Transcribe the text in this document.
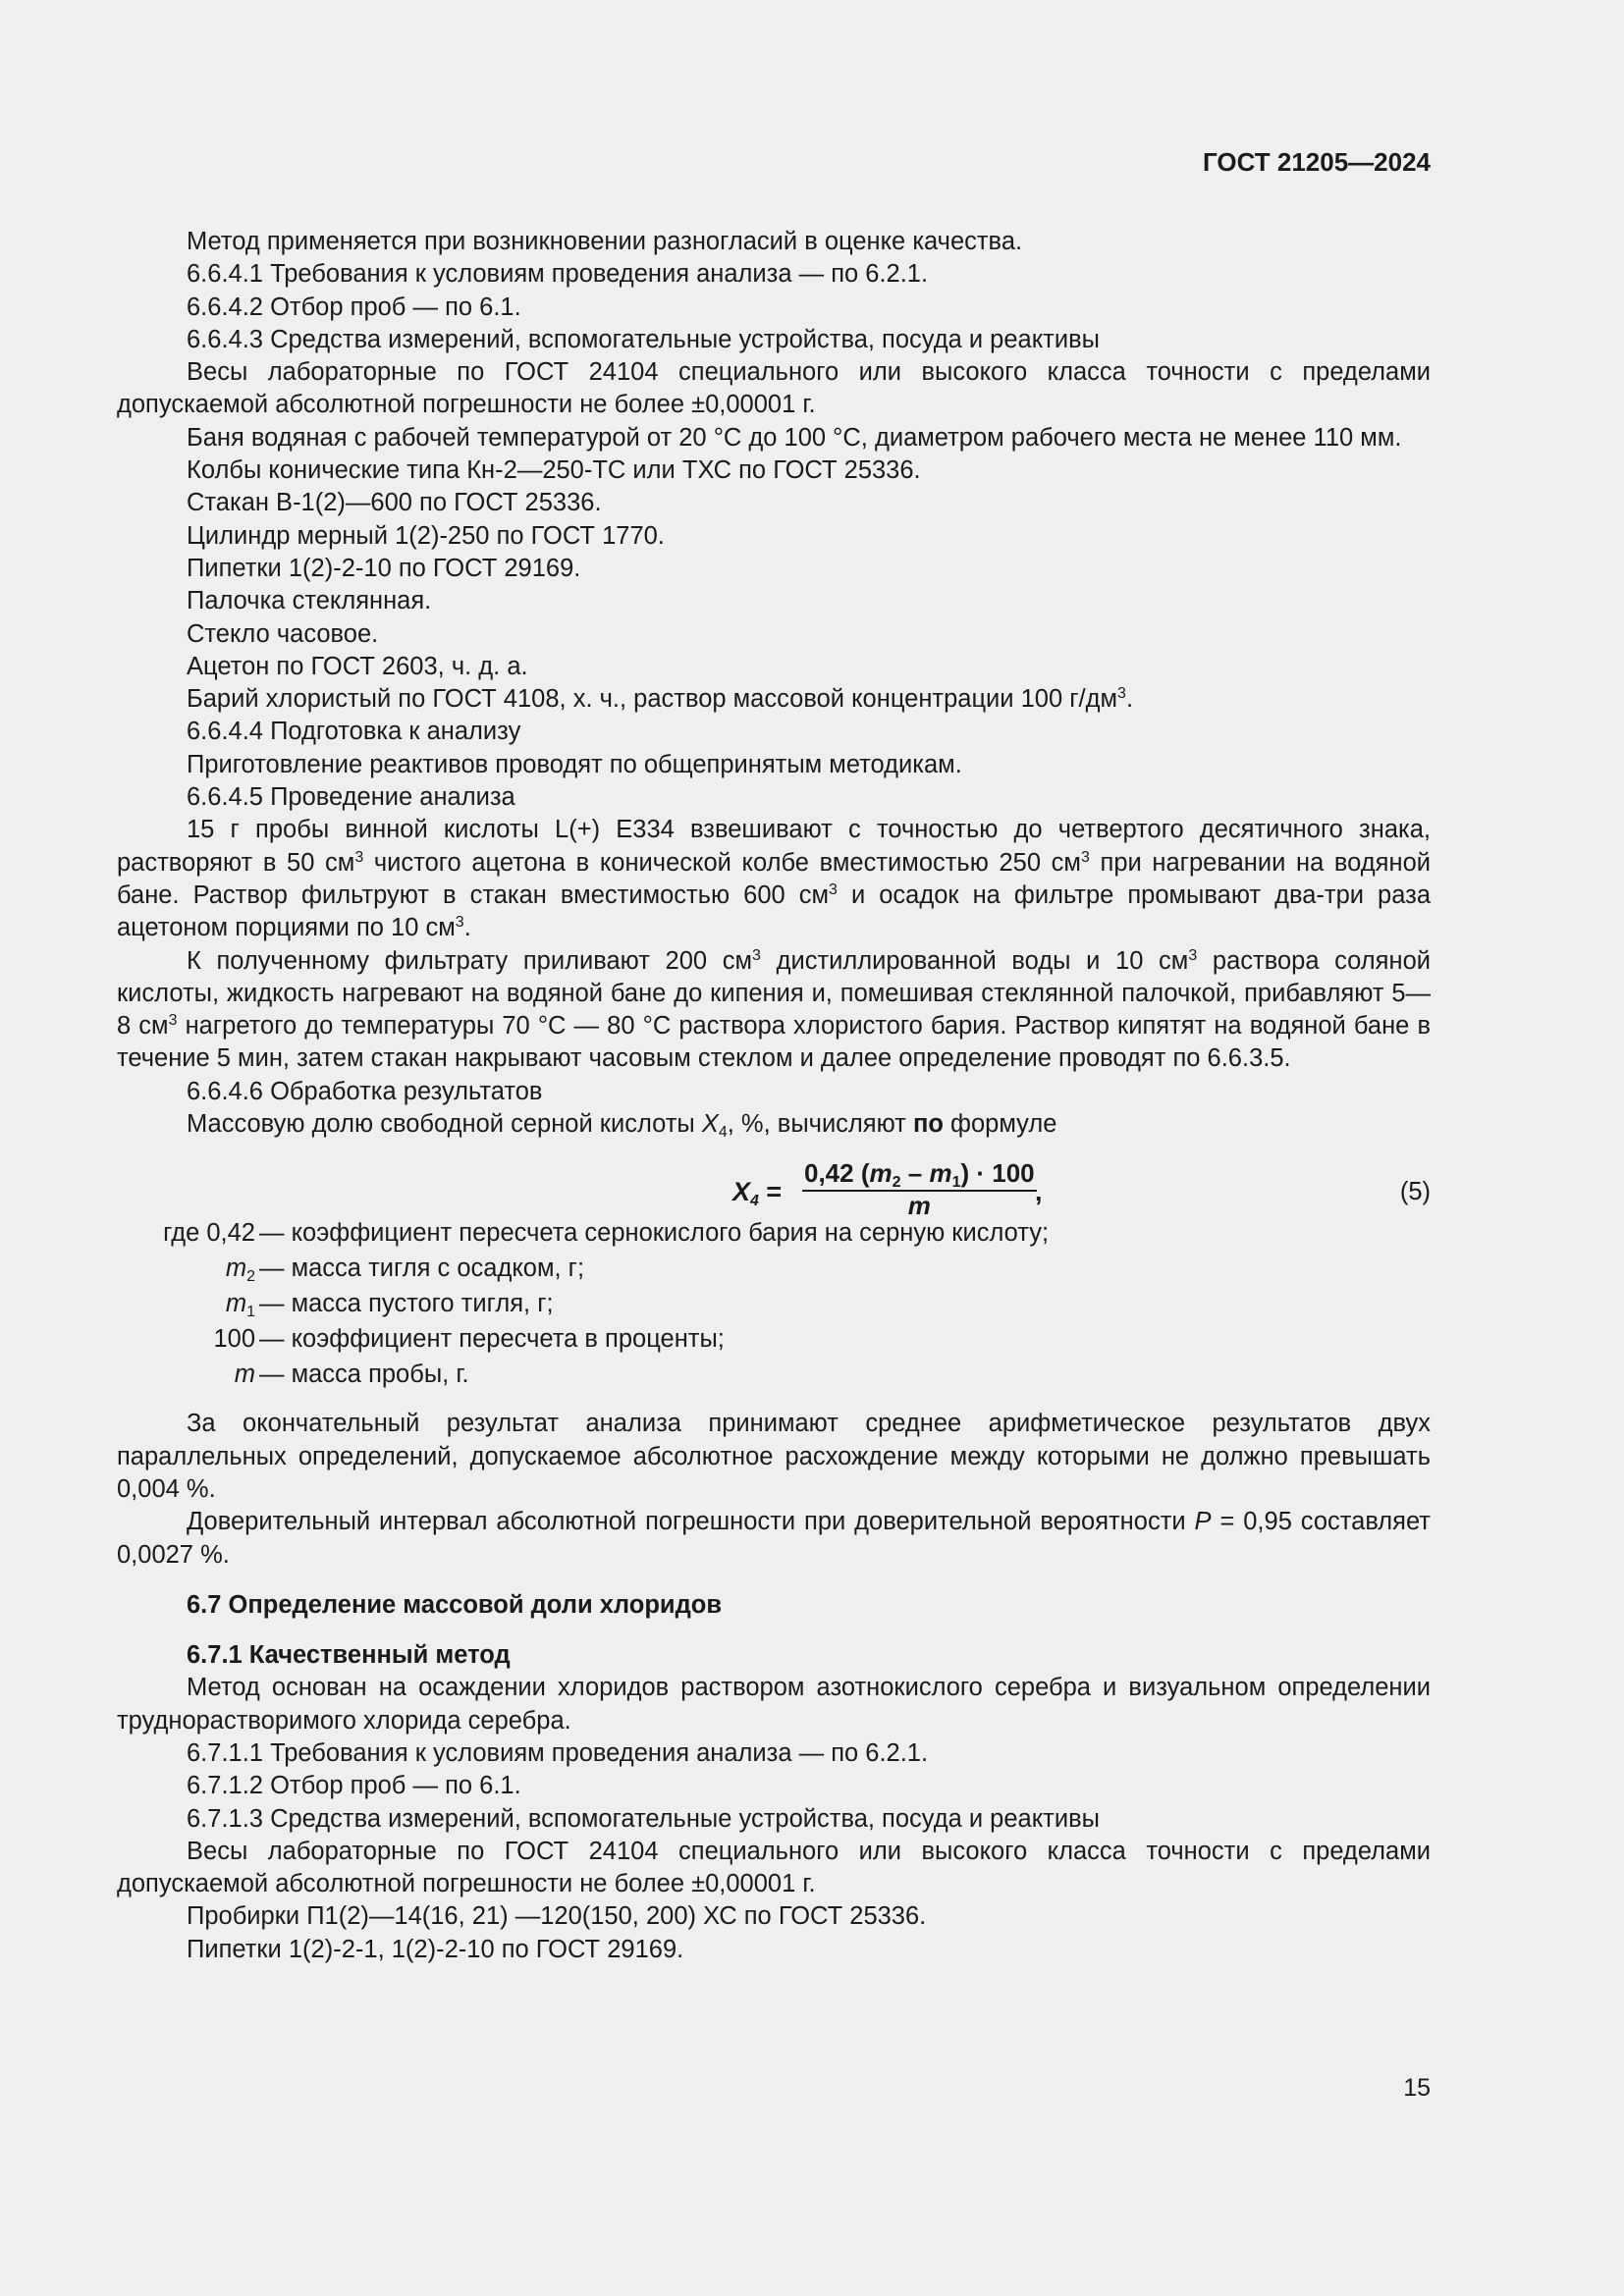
ГОСТ 21205—2024

Метод применяется при возникновении разногласий в оценке качества.

6.6.4.1 Требования к условиям проведения анализа — по 6.2.1.

6.6.4.2 Отбор проб — по 6.1.

6.6.4.3 Средства измерений, вспомогательные устройства, посуда и реактивы

Весы лабораторные по ГОСТ 24104 специального или высокого класса точности с пределами допускаемой абсолютной погрешности не более ±0,00001 г.

Баня водяная с рабочей температурой от 20 °С до 100 °С, диаметром рабочего места не менее 110 мм.

Колбы конические типа Кн-2—250-ТС или ТХС по ГОСТ 25336.

Стакан В-1(2)—600 по ГОСТ 25336.

Цилиндр мерный 1(2)-250 по ГОСТ 1770.

Пипетки 1(2)-2-10 по ГОСТ 29169.

Палочка стеклянная.

Стекло часовое.

Ацетон по ГОСТ 2603, ч. д. а.

Барий хлористый по ГОСТ 4108, х. ч., раствор массовой концентрации 100 $г/дм^3$.

6.6.4.4 Подготовка к анализу

Приготовление реактивов проводят по общепринятым методикам.

6.6.4.5 Проведение анализа

15 г пробы винной кислоты L(+) Е334 взвешивают с точностью до четвертого десятичного знака, растворяют в 50 $см^3$ чистого ацетона в конической колбе вместимостью 250 $см^3$ при нагревании на водяной бане. Раствор фильтруют в стакан вместимостью 600 $см^3$ и осадок на фильтре промывают два-три раза ацетоном порциями по 10 $см^3$.

К полученному фильтрату приливают 200 $см^3$ дистиллированной воды и 10 $см^3$ раствора соляной кислоты, жидкость нагревают на водяной бане до кипения и, помешивая стеклянной палочкой, прибавляют 5—8 $см^3$ нагретого до температуры 70 °С — 80 °С раствора хлористого бария. Раствор кипятят на водяной бане в течение 5 мин, затем стакан накрывают часовым стеклом и далее определение проводят по 6.6.3.5.

6.6.4.6 Обработка результатов

Массовую долю свободной серной кислоты $X_4$, %, вычисляют по формуле

$X_4 = \frac{0,42 (m_2 - m_1) \cdot 100}{m}$
,	(5)
где 0,42 — коэффициент пересчета сернокислого бария на серную кислоту;
$m_2$ — масса тигля с осадком, г;
$m_1$ — масса пустого тигля, г;
100 — коэффициент пересчета в проценты;
m — масса пробы, г.

За окончательный результат анализа принимают среднее арифметическое результатов двух параллельных определений, допускаемое абсолютное расхождение между которыми не должно превышать 0,004 %.

Доверительный интервал абсолютной погрешности при доверительной вероятности P = 0,95 составляет 0,0027 %.

6.7 Определение массовой доли хлоридов

6.7.1 Качественный метод

Метод основан на осаждении хлоридов раствором азотнокислого серебра и визуальном определении труднорастворимого хлорида серебра.

6.7.1.1 Требования к условиям проведения анализа — по 6.2.1.

6.7.1.2 Отбор проб — по 6.1.

6.7.1.3 Средства измерений, вспомогательные устройства, посуда и реактивы

Весы лабораторные по ГОСТ 24104 специального или высокого класса точности с пределами допускаемой абсолютной погрешности не более ±0,00001 г.

Пробирки П1(2)—14(16, 21) —120(150, 200) ХС по ГОСТ 25336.

Пипетки 1(2)-2-1, 1(2)-2-10 по ГОСТ 29169.

15
